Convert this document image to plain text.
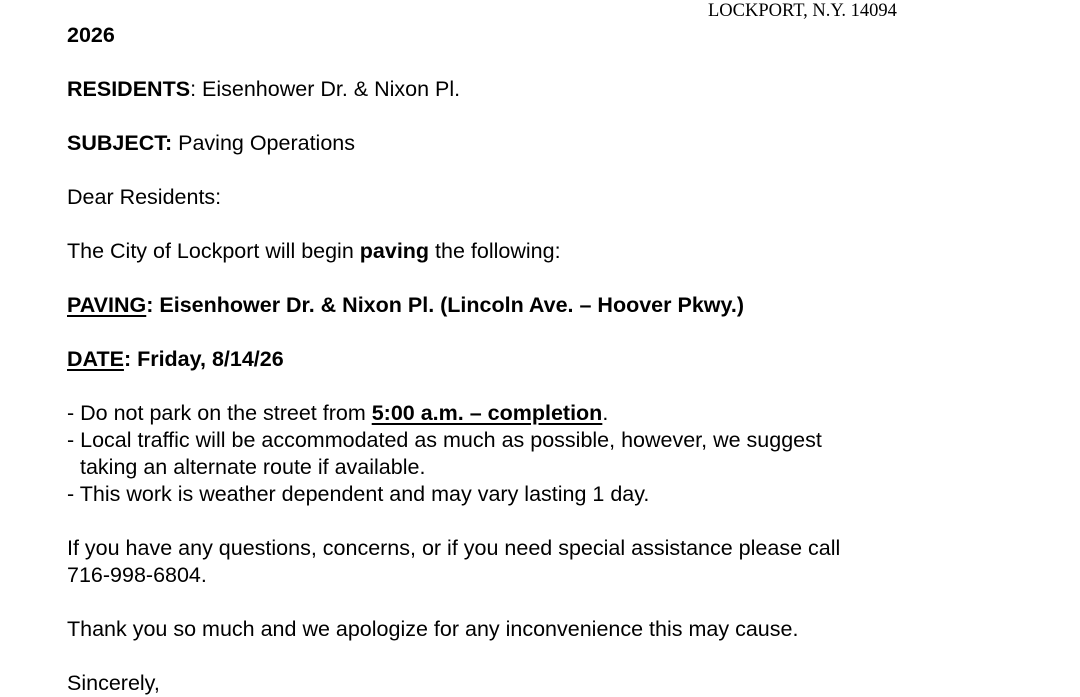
LOCKPORT, N.Y. 14094
2026
RESIDENTS: Eisenhower Dr. & Nixon Pl.
SUBJECT: Paving Operations
Dear Residents:
The City of Lockport will begin paving the following:
PAVING: Eisenhower Dr. & Nixon Pl. (Lincoln Ave. – Hoover Pkwy.)
DATE: Friday, 8/14/26
- Do not park on the street from 5:00 a.m. – completion.
- Local traffic will be accommodated as much as possible, however, we suggest
taking an alternate route if available.
- This work is weather dependent and may vary lasting 1 day.
If you have any questions, concerns, or if you need special assistance please call
716-998-6804.
Thank you so much and we apologize for any inconvenience this may cause.
Sincerely,
